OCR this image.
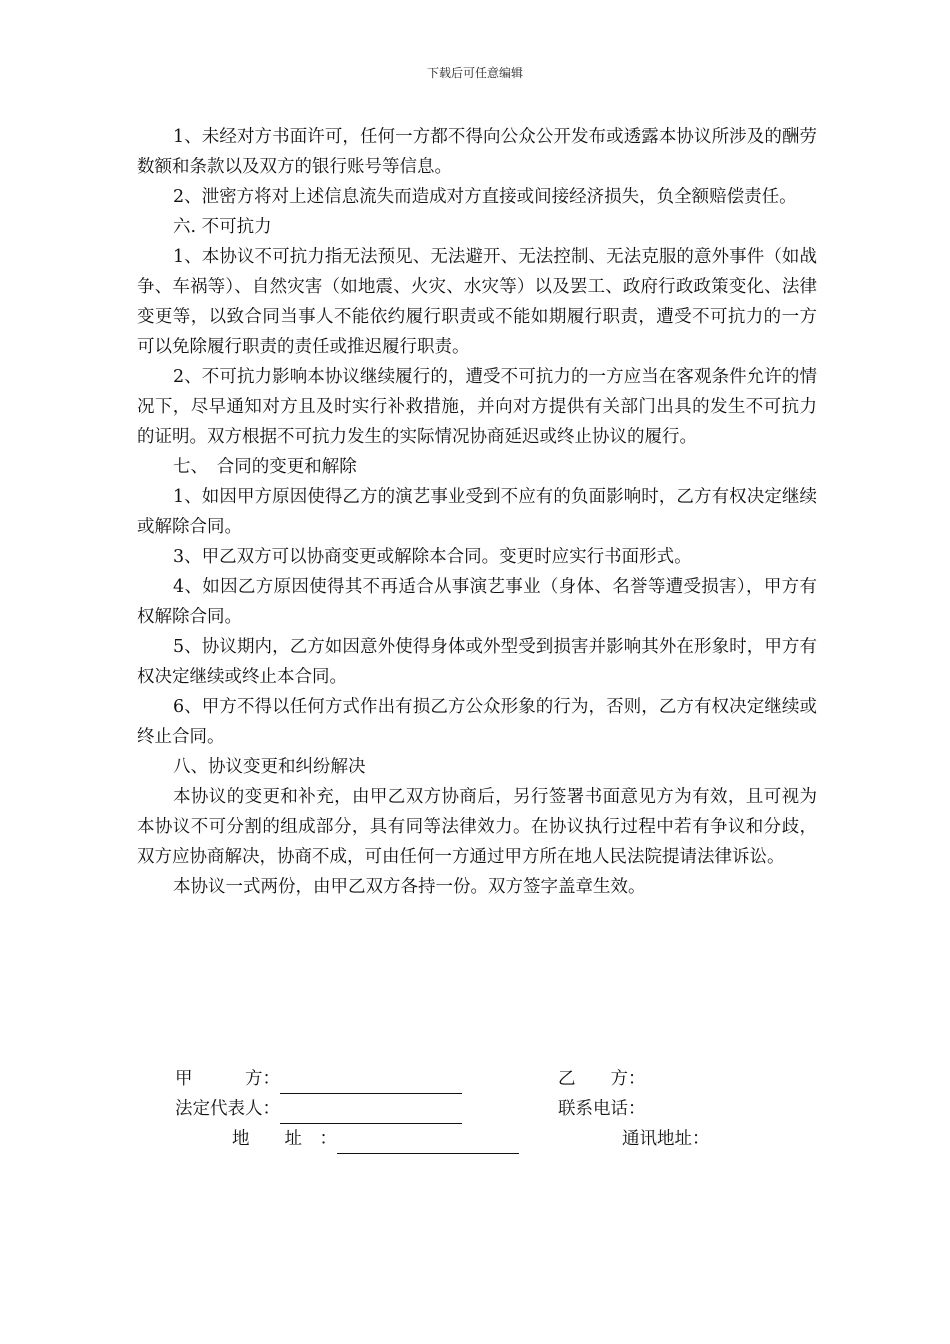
下载后可任意编辑

1、未经对方书面许可，任何一方都不得向公众公开发布或透露本协议所涉及的酬劳数额和条款以及双方的银行账号等信息。

2、泄密方将对上述信息流失而造成对方直接或间接经济损失，负全额赔偿责任。

六. 不可抗力

1、本协议不可抗力指无法预见、无法避开、无法控制、无法克服的意外事件（如战争、车祸等）、自然灾害（如地震、火灾、水灾等）以及罢工、政府行政政策变化、法律变更等，以致合同当事人不能依约履行职责或不能如期履行职责，遭受不可抗力的一方可以免除履行职责的责任或推迟履行职责。

2、不可抗力影响本协议继续履行的，遭受不可抗力的一方应当在客观条件允许的情况下，尽早通知对方且及时实行补救措施，并向对方提供有关部门出具的发生不可抗力的证明。双方根据不可抗力发生的实际情况协商延迟或终止协议的履行。

七、　合同的变更和解除

1、如因甲方原因使得乙方的演艺事业受到不应有的负面影响时，乙方有权决定继续或解除合同。

3、甲乙双方可以协商变更或解除本合同。变更时应实行书面形式。

4、如因乙方原因使得其不再适合从事演艺事业（身体、名誉等遭受损害），甲方有权解除合同。

5、协议期内，乙方如因意外使得身体或外型受到损害并影响其外在形象时，甲方有权决定继续或终止本合同。

6、甲方不得以任何方式作出有损乙方公众形象的行为，否则，乙方有权决定继续或终止合同。

八、协议变更和纠纷解决

本协议的变更和补充，由甲乙双方协商后，另行签署书面意见方为有效，且可视为本协议不可分割的组成部分，具有同等法律效力。在协议执行过程中若有争议和分歧，双方应协商解决，协商不成，可由任何一方通过甲方所在地人民法院提请法律诉讼。

本协议一式两份，由甲乙双方各持一份。双方签字盖章生效。

甲　　　方：	乙　　方：
法定代表人：	联系电话：
地　　址　：	通讯地址：
